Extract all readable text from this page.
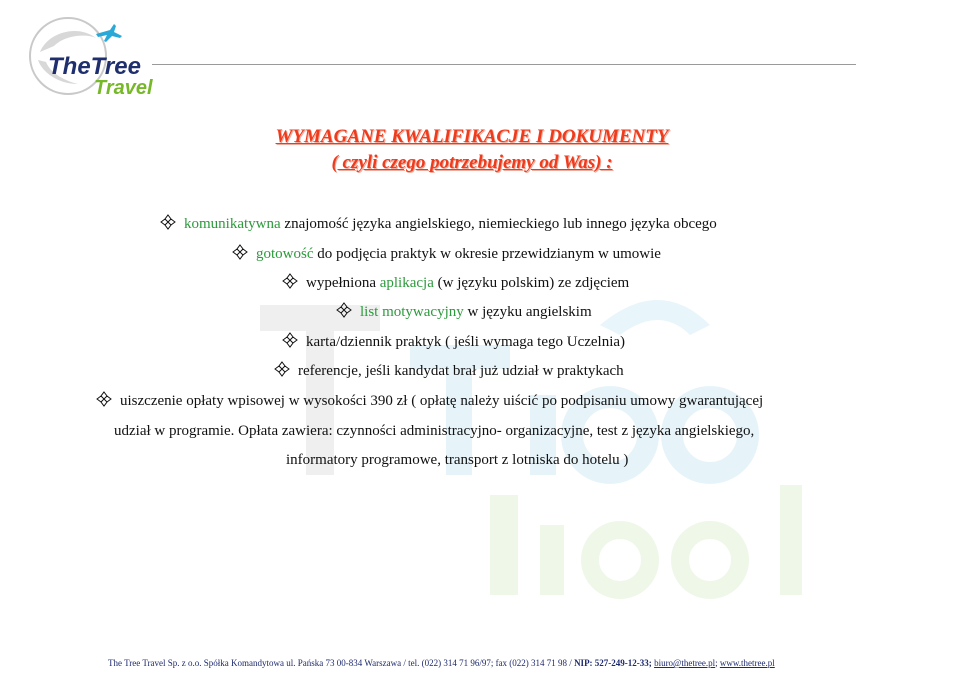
TheTree
Travel
WYMAGANE KWALIFIKACJE I DOKUMENTY
( czyli czego potrzebujemy od Was) :
komunikatywna znajomość języka angielskiego, niemieckiego lub innego języka obcego
gotowość do podjęcia praktyk w okresie przewidzianym w umowie
wypełniona aplikacja (w języku polskim) ze zdjęciem
list motywacyjny w języku angielskim
karta/dziennik praktyk ( jeśli wymaga tego Uczelnia)
referencje, jeśli kandydat brał już udział w praktykach
uiszczenie opłaty wpisowej w wysokości 390 zł ( opłatę należy uiścić po podpisaniu umowy gwarantującej
udział w programie. Opłata zawiera: czynności administracyjno- organizacyjne, test z języka angielskiego,
informatory programowe, transport z lotniska do hotelu )
The Tree Travel Sp. z o.o. Spółka Komandytowa ul. Pańska 73 00-834 Warszawa / tel. (022) 314 71 96/97; fax (022) 314 71 98 / NIP: 527-249-12-33; biuro@thetree.pl; www.thetree.pl
